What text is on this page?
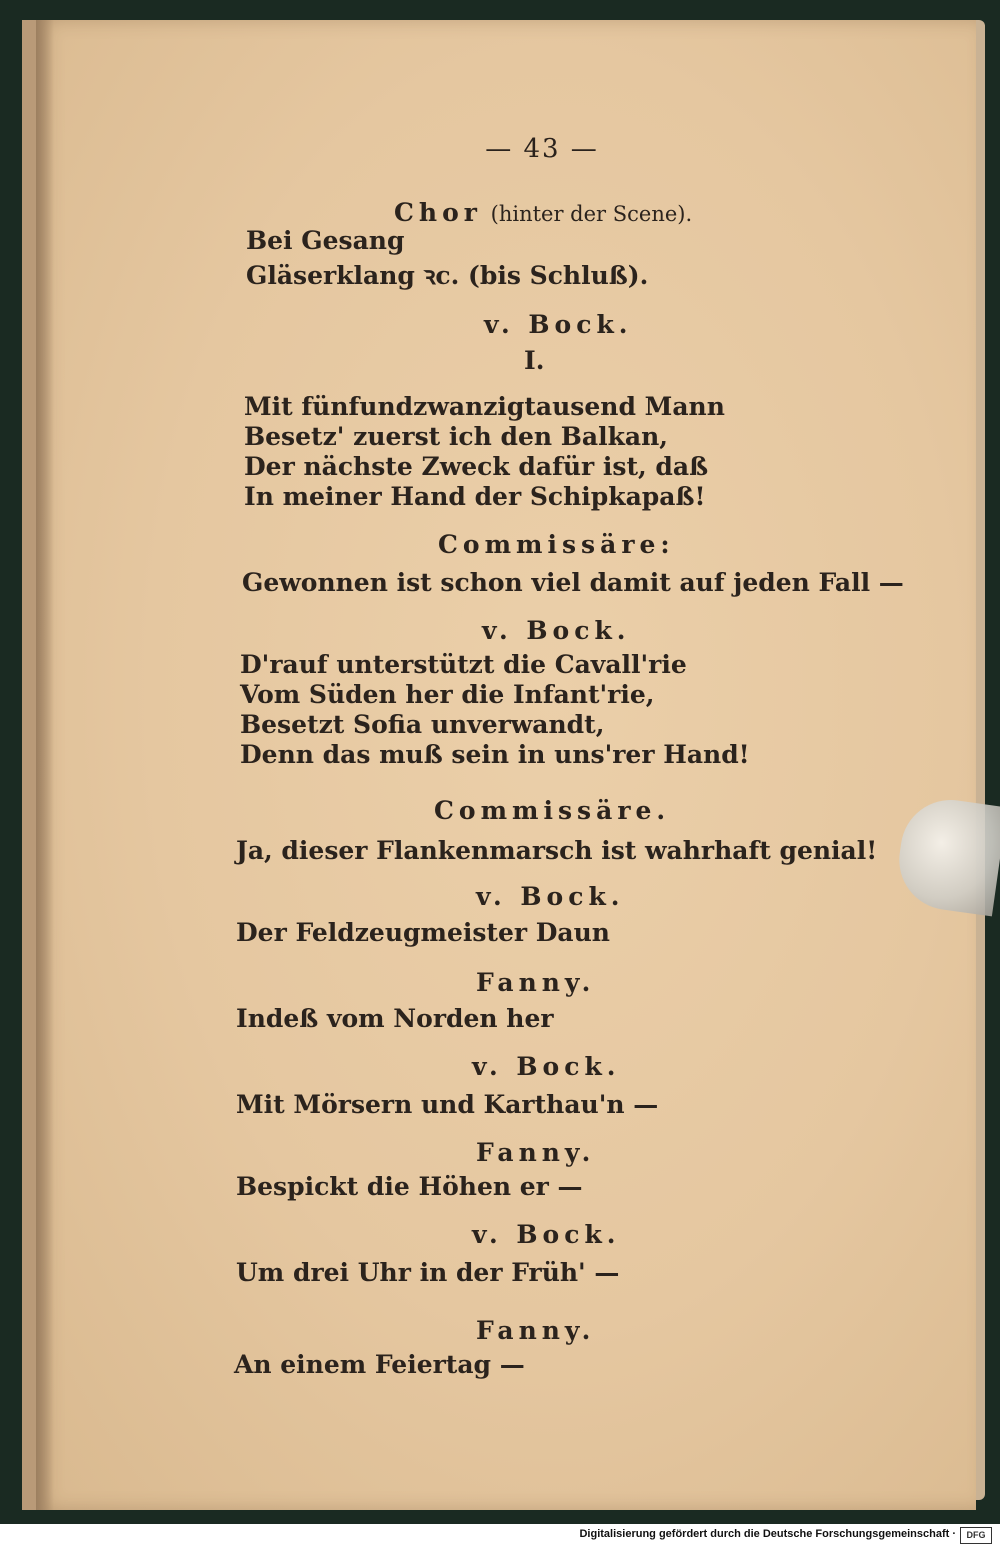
— 43 —
Chor (hinter der Scene).
Bei Gesang
Gläserklang ꝛc. (bis Schluß).
v. Bock.
I.
Mit fünfundzwanzigtausend Mann
Besetz' zuerst ich den Balkan,
Der nächste Zweck dafür ist, daß
In meiner Hand der Schipkapaß!
Commissäre:
Gewonnen ist schon viel damit auf jeden Fall —
v. Bock.
D'rauf unterstützt die Cavall'rie
Vom Süden her die Infant'rie,
Besetzt Sofia unverwandt,
Denn das muß sein in uns'rer Hand!
Commissäre.
Ja, dieser Flankenmarsch ist wahrhaft genial!
v. Bock.
Der Feldzeugmeister Daun
Fanny.
Indeß vom Norden her
v. Bock.
Mit Mörsern und Karthau'n —
Fanny.
Bespickt die Höhen er —
v. Bock.
Um drei Uhr in der Früh' —
Fanny.
An einem Feiertag —
Digitalisierung gefördert durch die Deutsche Forschungsgemeinschaft ·	DFG
